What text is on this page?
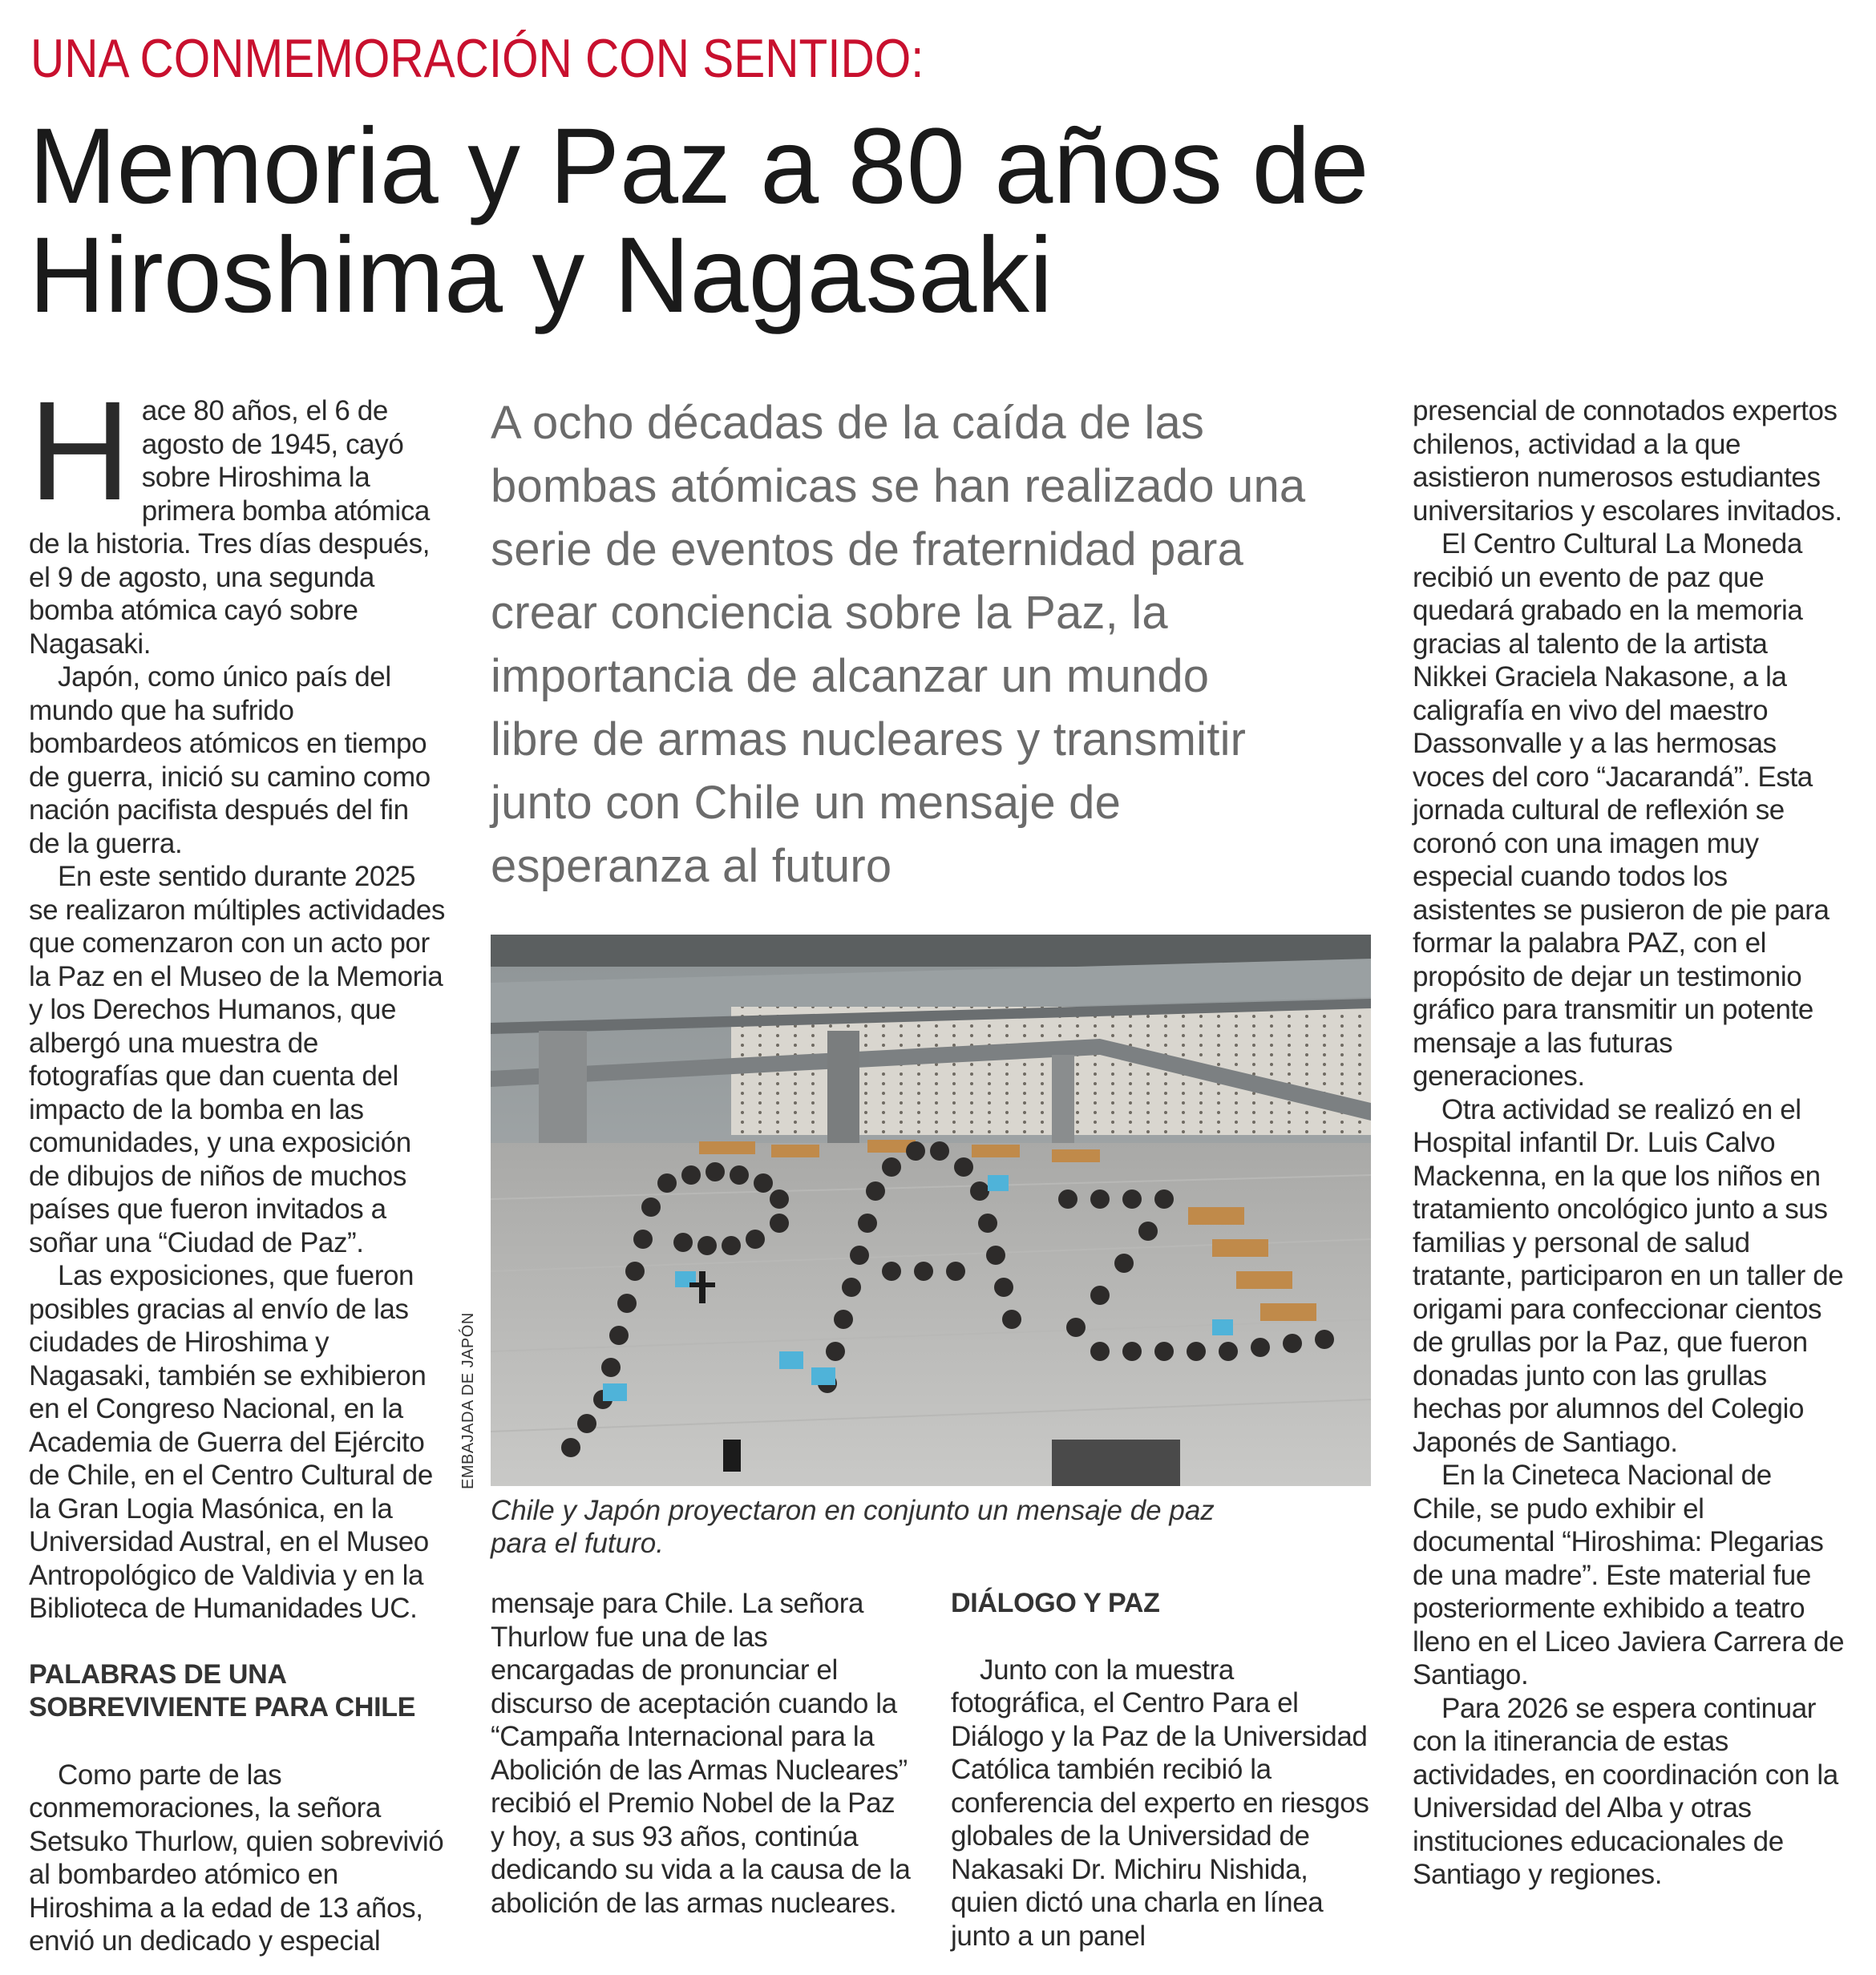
UNA CONMEMORACIÓN CON SENTIDO:
Memoria y Paz a 80 años de
Hiroshima y Nagasaki

Hace 80 años, el 6 de agosto de 1945, cayó sobre Hiroshima la primera bomba atómica de la historia. Tres días después, el 9 de agosto, una segunda bomba atómica cayó sobre Nagasaki.

Japón, como único país del mundo que ha sufrido bombardeos atómicos en tiempo de guerra, inició su camino como nación pacifista después del fin de la guerra.

En este sentido durante 2025 se realizaron múltiples actividades que comenzaron con un acto por la Paz en el Museo de la Memoria y los Derechos Humanos, que albergó una muestra de fotografías que dan cuenta del impacto de la bomba en las comunidades, y una exposición de dibujos de niños de muchos países que fueron invitados a soñar una “Ciudad de Paz”.

Las exposiciones, que fueron posibles gracias al envío de las ciudades de Hiroshima y Nagasaki, también se exhibieron en el Congreso Nacional, en la Academia de Guerra del Ejército de Chile, en el Centro Cultural de la Gran Logia Masónica, en la Universidad Austral, en el Museo Antropológico de Valdivia y en la Biblioteca de Humanidades UC.

PALABRAS DE UNA
SOBREVIVIENTE PARA CHILE

Como parte de las conmemoraciones, la señora Setsuko Thurlow, quien sobrevivió al bombardeo atómico en Hiroshima a la edad de 13 años, envió un dedicado y especial

A ocho décadas de la caída de las
bombas atómicas se han realizado una
serie de eventos de fraternidad para
crear conciencia sobre la Paz, la
importancia de alcanzar un mundo
libre de armas nucleares y transmitir
junto con Chile un mensaje de
esperanza al futuro
EMBAJADA DE JAPÓN

Chile y Japón proyectaron en conjunto un mensaje de paz
para el futuro.

mensaje para Chile. La señora Thurlow fue una de las encargadas de pronunciar el discurso de aceptación cuando la “Campaña Internacional para la Abolición de las Armas Nucleares” recibió el Premio Nobel de la Paz y hoy, a sus 93 años, continúa dedicando su vida a la causa de la abolición de las armas nucleares.

DIÁLOGO Y PAZ

Junto con la muestra fotográfica, el Centro Para el Diálogo y la Paz de la Universidad Católica también recibió la conferencia del experto en riesgos globales de la Universidad de Nakasaki Dr. Michiru Nishida, quien dictó una charla en línea junto a un panel

presencial de connotados expertos chilenos, actividad a la que asistieron numerosos estudiantes universitarios y escolares invitados.

El Centro Cultural La Moneda recibió un evento de paz que quedará grabado en la memoria gracias al talento de la artista Nikkei Graciela Nakasone, a la caligrafía en vivo del maestro Dassonvalle y a las hermosas voces del coro “Jacarandá”. Esta jornada cultural de reflexión se coronó con una imagen muy especial cuando todos los asistentes se pusieron de pie para formar la palabra PAZ, con el propósito de dejar un testimonio gráfico para transmitir un potente mensaje a las futuras generaciones.

Otra actividad se realizó en el Hospital infantil Dr. Luis Calvo Mackenna, en la que los niños en tratamiento oncológico junto a sus familias y personal de salud tratante, participaron en un taller de origami para confeccionar cientos de grullas por la Paz, que fueron donadas junto con las grullas hechas por alumnos del Colegio Japonés de Santiago.

En la Cineteca Nacional de Chile, se pudo exhibir el documental “Hiroshima: Plegarias de una madre”. Este material fue posteriormente exhibido a teatro lleno en el Liceo Javiera Carrera de Santiago.

Para 2026 se espera continuar con la itinerancia de estas actividades, en coordinación con la Universidad del Alba y otras instituciones educacionales de Santiago y regiones.
